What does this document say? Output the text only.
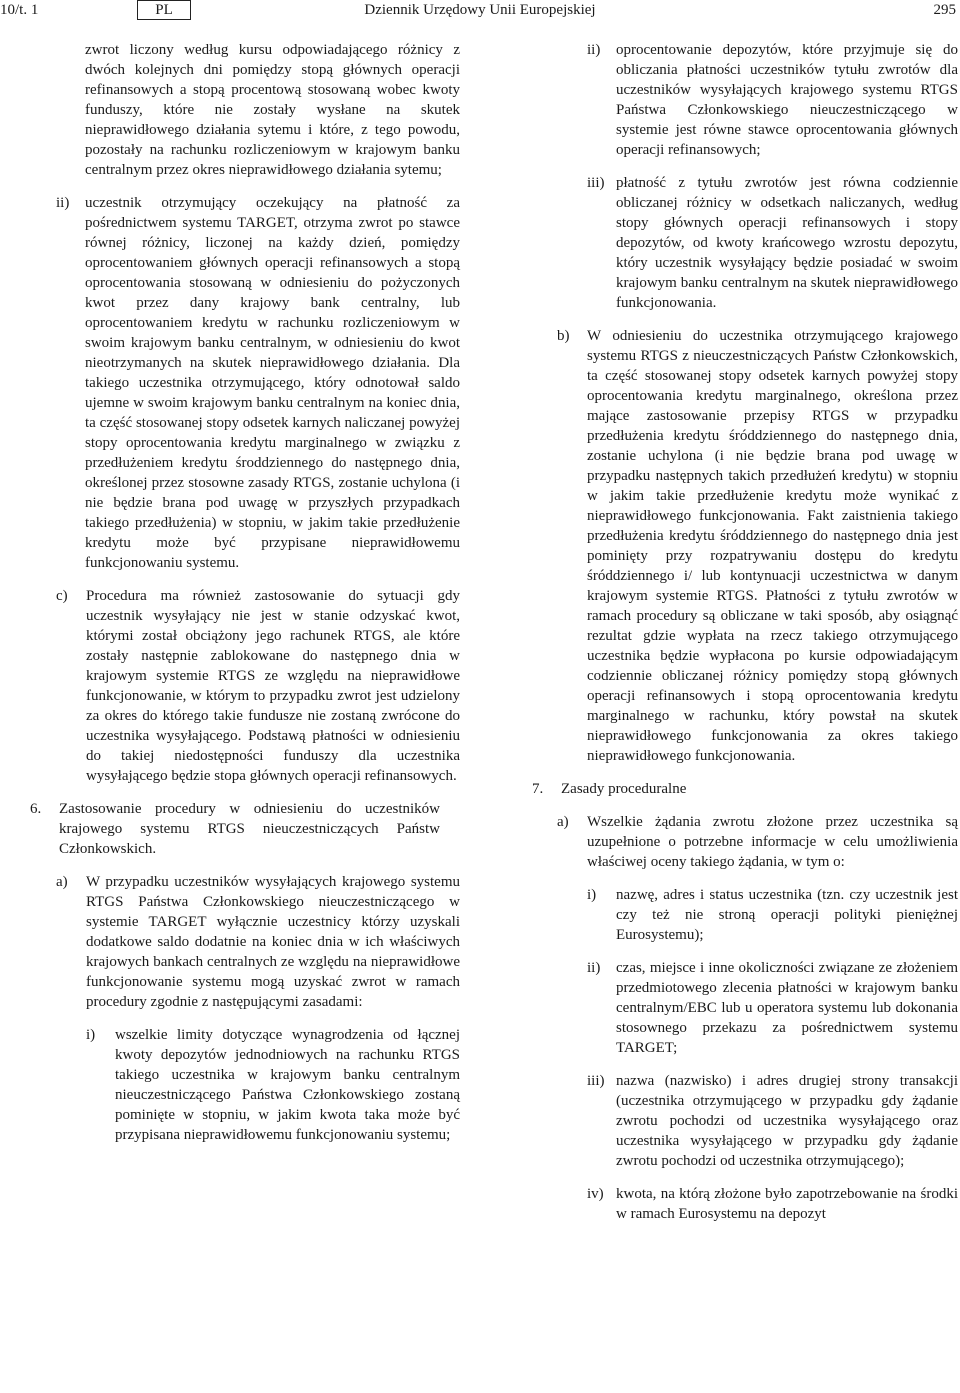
10/t. 1	PL	Dziennik Urzędowy Unii Europejskiej	295

zwrot liczony według kursu odpowiadającego różnicy z dwóch kolejnych dni pomiędzy stopą głównych operacji refinansowych a stopą procentową stosowaną wobec kwoty funduszy, które nie zostały wysłane na skutek nieprawidłowego działania sytemu i które, z tego powodu, pozostały na rachunku rozliczeniowym w krajowym banku centralnym przez okres nieprawidłowego działania sytemu;

ii)	uczestnik otrzymujący oczekujący na płatność za pośrednictwem systemu TARGET, otrzyma zwrot po stawce równej różnicy, liczonej na każdy dzień, pomiędzy oprocentowaniem głównych operacji refinansowych a stopą oprocentowania stosowaną w odniesieniu do pożyczonych kwot przez dany krajowy bank centralny, lub oprocentowaniem kredytu w rachunku rozliczeniowym w swoim krajowym banku centralnym, w odniesieniu do kwot nieotrzymanych na skutek nieprawidłowego działania. Dla takiego uczestnika otrzymującego, który odnotował saldo ujemne w swoim krajowym banku centralnym na koniec dnia, ta część stosowanej stopy odsetek karnych naliczanej powyżej stopy oprocentowania kredytu marginalnego w związku z przedłużeniem kredytu środdziennego do następnego dnia, określonej przez stosowne zasady RTGS, zostanie uchylona (i nie będzie brana pod uwagę w przyszłych przypadkach takiego przedłużenia) w stopniu, w jakim takie przedłużenie kredytu może być przypisane nieprawidłowemu funkcjonowaniu systemu.

c)	Procedura ma również zastosowanie do sytuacji gdy uczestnik wysyłający nie jest w stanie odzyskać kwot, którymi został obciążony jego rachunek RTGS, ale które zostały następnie zablokowane do następnego dnia w krajowym systemie RTGS ze względu na nieprawidłowe funkcjonowanie, w którym to przypadku zwrot jest udzielony za okres do którego takie fundusze nie zostaną zwrócone do uczestnika wysyłającego. Podstawą płatności w odniesieniu do takiej niedostępności funduszy dla uczestnika wysyłającego będzie stopa głównych operacji refinansowych.

6.	Zastosowanie procedury w odniesieniu do uczestników krajowego systemu RTGS nieuczestniczących Państw Członkowskich.

a)	W przypadku uczestników wysyłających krajowego systemu RTGS Państwa Członkowskiego nieuczestniczącego w systemie TARGET wyłącznie uczestnicy którzy uzyskali dodatkowe saldo dodatnie na koniec dnia w ich właściwych krajowych bankach centralnych ze względu na nieprawidłowe funkcjonowanie systemu mogą uzyskać zwrot w ramach procedury zgodnie z następującymi zasadami:

i)	wszelkie limity dotyczące wynagrodzenia od łącznej kwoty depozytów jednodniowych na rachunku RTGS takiego uczestnika w krajowym banku centralnym nieuczestniczącego Państwa Członkowskiego zostaną pominięte w stopniu, w jakim kwota taka może być przypisana nieprawidłowemu funkcjonowaniu systemu;

ii)	oprocentowanie depozytów, które przyjmuje się do obliczania płatności uczestników tytułu zwrotów dla uczestników wysyłających krajowego systemu RTGS Państwa Członkowskiego nieuczestniczącego w systemie jest równe stawce oprocentowania głównych operacji refinansowych;

iii) płatność z tytułu zwrotów jest równa codziennie obliczanej różnicy w odsetkach naliczanych, według stopy głównych operacji refinansowych i stopy depozytów, od kwoty krańcowego wzrostu depozytu, który uczestnik wysyłający będzie posiadać w swoim krajowym banku centralnym na skutek nieprawidłowego funkcjonowania.

b)	W odniesieniu do uczestnika otrzymującego krajowego systemu RTGS z nieuczestniczących Państw Członkowskich, ta część stosowanej stopy odsetek karnych powyżej stopy oprocentowania kredytu marginalnego, określona przez mające zastosowanie przepisy RTGS w przypadku przedłużenia kredytu śróddziennego do następnego dnia, zostanie uchylona (i nie będzie brana pod uwagę w przypadku następnych takich przedłużeń kredytu) w stopniu w jakim takie przedłużenie kredytu może wynikać z nieprawidłowego funkcjonowania. Fakt zaistnienia takiego przedłużenia kredytu śróddziennego do następnego dnia jest pominięty przy rozpatrywaniu dostępu do kredytu śróddziennego i/ lub kontynuacji uczestnictwa w danym krajowym systemie RTGS. Płatności z tytułu zwrotów w ramach procedury są obliczane w taki sposób, aby osiągnąć rezultat gdzie wypłata na rzecz takiego otrzymującego uczestnika będzie wypłacona po kursie odpowiadającym codziennie obliczanej różnicy pomiędzy stopą głównych operacji refinansowych i stopą oprocentowania kredytu marginalnego w rachunku, który powstał na skutek nieprawidłowego funkcjonowania za okres takiego nieprawidłowego funkcjonowania.

7.	Zasady proceduralne

a)	Wszelkie żądania zwrotu złożone przez uczestnika są uzupełnione o potrzebne informacje w celu umożliwienia właściwej oceny takiego żądania, w tym o:

i)	nazwę, adres i status uczestnika (tzn. czy uczestnik jest czy też nie stroną operacji polityki pieniężnej Eurosystemu);

ii)	czas, miejsce i inne okoliczności związane ze złożeniem przedmiotowego zlecenia płatności w krajowym banku centralnym/EBC lub u operatora systemu lub dokonania stosownego przekazu za pośrednictwem systemu TARGET;

iii) nazwa (nazwisko) i adres drugiej strony transakcji (uczestnika otrzymującego w przypadku gdy żądanie zwrotu pochodzi od uczestnika wysyłającego oraz uczestnika wysyłającego w przypadku gdy żądanie zwrotu pochodzi od uczestnika otrzymującego);

iv) kwota, na którą złożone było zapotrzebowanie na środki w ramach Eurosystemu na depozyt
